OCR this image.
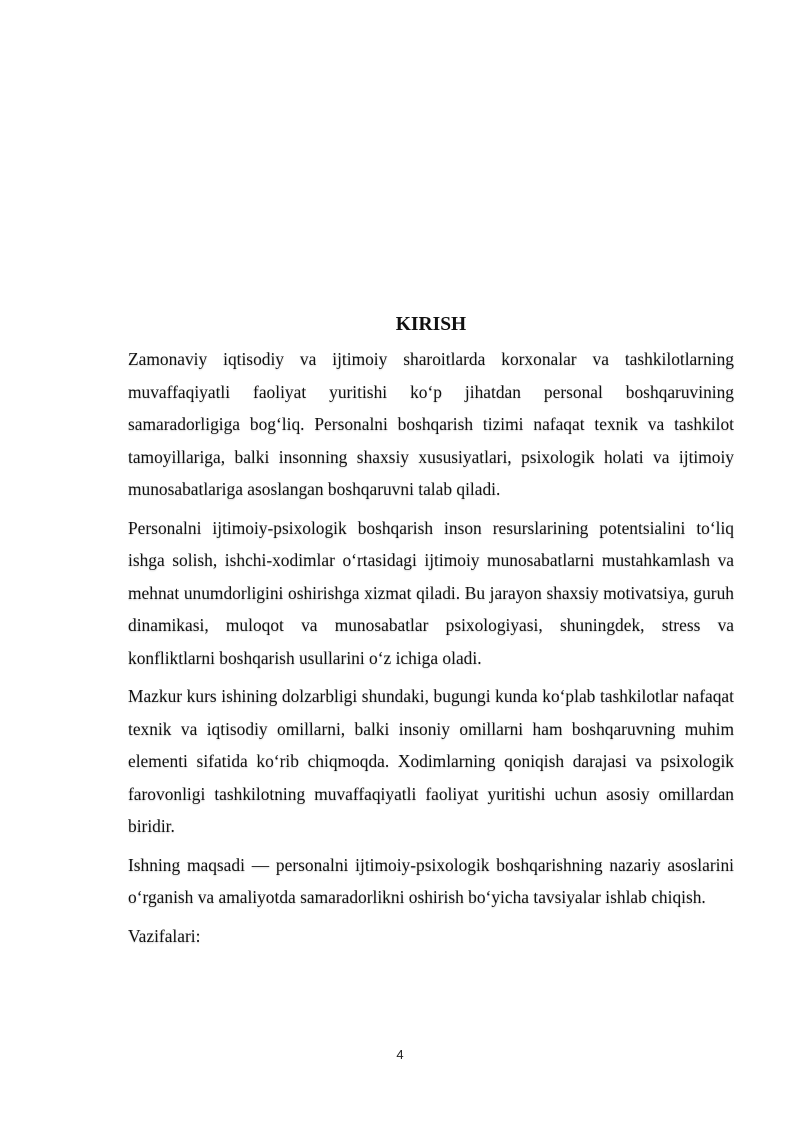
KIRISH

Zamonaviy iqtisodiy va ijtimoiy sharoitlarda korxonalar va tashkilotlarning muvaffaqiyatli faoliyat yuritishi ko‘p jihatdan personal boshqaruvining samaradorligiga bog‘liq. Personalni boshqarish tizimi nafaqat texnik va tashkilot tamoyillariga, balki insonning shaxsiy xususiyatlari, psixologik holati va ijtimoiy munosabatlariga asoslangan boshqaruvni talab qiladi.

Personalni ijtimoiy-psixologik boshqarish inson resurslarining potentsialini to‘liq ishga solish, ishchi-xodimlar o‘rtasidagi ijtimoiy munosabatlarni mustahkamlash va mehnat unumdorligini oshirishga xizmat qiladi. Bu jarayon shaxsiy motivatsiya, guruh dinamikasi, muloqot va munosabatlar psixologiyasi, shuningdek, stress va konfliktlarni boshqarish usullarini o‘z ichiga oladi.

Mazkur kurs ishining dolzarbligi shundaki, bugungi kunda ko‘plab tashkilotlar nafaqat texnik va iqtisodiy omillarni, balki insoniy omillarni ham boshqaruvning muhim elementi sifatida ko‘rib chiqmoqda. Xodimlarning qoniqish darajasi va psixologik farovonligi tashkilotning muvaffaqiyatli faoliyat yuritishi uchun asosiy omillardan biridir.

Ishning maqsadi — personalni ijtimoiy-psixologik boshqarishning nazariy asoslarini o‘rganish va amaliyotda samaradorlikni oshirish bo‘yicha tavsiyalar ishlab chiqish.

Vazifalari:

4
